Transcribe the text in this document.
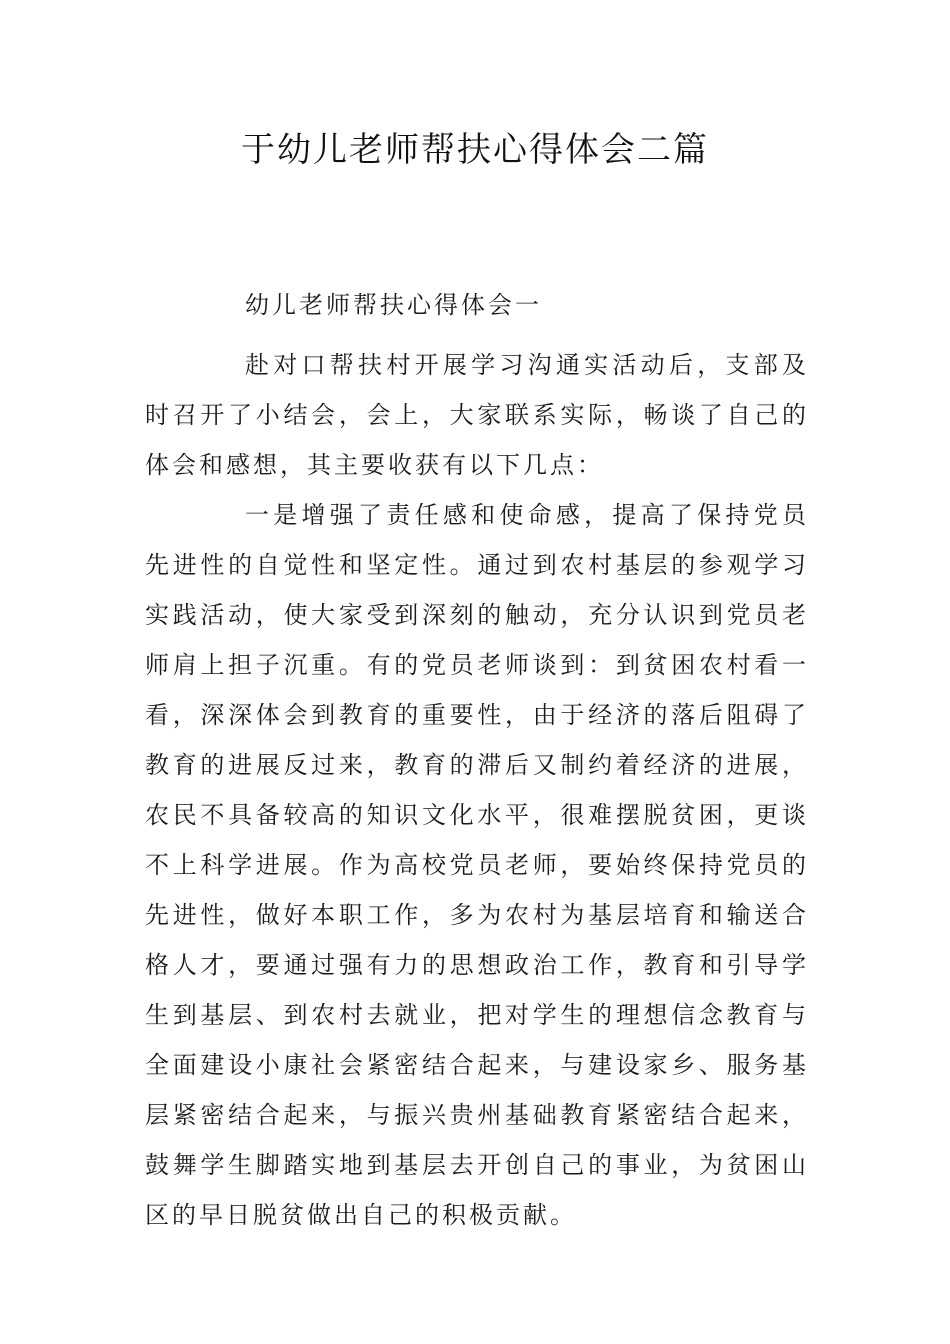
于幼儿老师帮扶心得体会二篇

幼儿老师帮扶心得体会一

赴对口帮扶村开展学习沟通实活动后，支部及时召开了小结会，会上，大家联系实际，畅谈了自己的体会和感想，其主要收获有以下几点：

一是增强了责任感和使命感，提高了保持党员先进性的自觉性和坚定性。通过到农村基层的参观学习实践活动，使大家受到深刻的触动，充分认识到党员老师肩上担子沉重。有的党员老师谈到：到贫困农村看一看，深深体会到教育的重要性，由于经济的落后阻碍了教育的进展反过来，教育的滞后又制约着经济的进展，农民不具备较高的知识文化水平，很难摆脱贫困，更谈不上科学进展。作为高校党员老师，要始终保持党员的先进性，做好本职工作，多为农村为基层培育和输送合格人才，要通过强有力的思想政治工作，教育和引导学生到基层、到农村去就业，把对学生的理想信念教育与全面建设小康社会紧密结合起来，与建设家乡、服务基层紧密结合起来，与振兴贵州基础教育紧密结合起来，鼓舞学生脚踏实地到基层去开创自己的事业，为贫困山区的早日脱贫做出自己的积极贡献。
